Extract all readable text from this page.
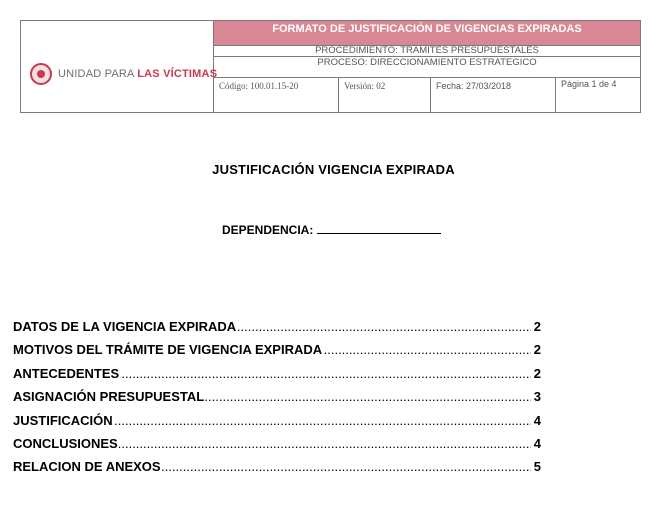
UNIDAD PARA LAS VÍCTIMAS
FORMATO DE JUSTIFICACIÓN DE VIGENCIAS EXPIRADAS
PROCEDIMIENTO: TRAMITES PRESUPUESTALES
PROCESO: DIRECCIONAMIENTO ESTRATEGICO
Código: 100.01.15-20	Versión: 02	Fecha: 27/03/2018	Página 1 de 4
JUSTIFICACIÓN VIGENCIA EXPIRADA
DEPENDENCIA:
.....
DATOS DE LA VIGENCIA EXPIRADA	2
.....
MOTIVOS DEL TRÁMITE DE VIGENCIA EXPIRADA	2
.....
ANTECEDENTES	2
.....
ASIGNACIÓN PRESUPUESTAL	3
.....
JUSTIFICACIÓN	4
.....
CONCLUSIONES	4
.....
RELACION DE ANEXOS	5
